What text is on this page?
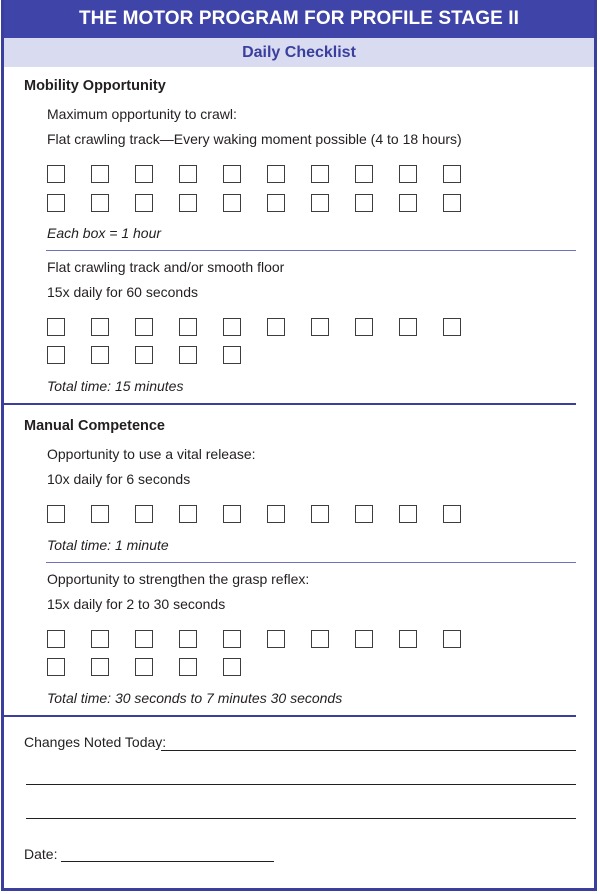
THE MOTOR PROGRAM FOR PROFILE STAGE II
Daily Checklist
Mobility Opportunity
Maximum opportunity to crawl:
Flat crawling track—Every waking moment possible (4 to 18 hours)
Each box = 1 hour
Flat crawling track and/or smooth floor
15x daily for 60 seconds
Total time: 15 minutes
Manual Competence
Opportunity to use a vital release:
10x daily for 6 seconds
Total time: 1 minute
Opportunity to strengthen the grasp reflex:
15x daily for 2 to 30 seconds
Total time: 30 seconds to 7 minutes 30 seconds
Changes Noted Today:
Date:
